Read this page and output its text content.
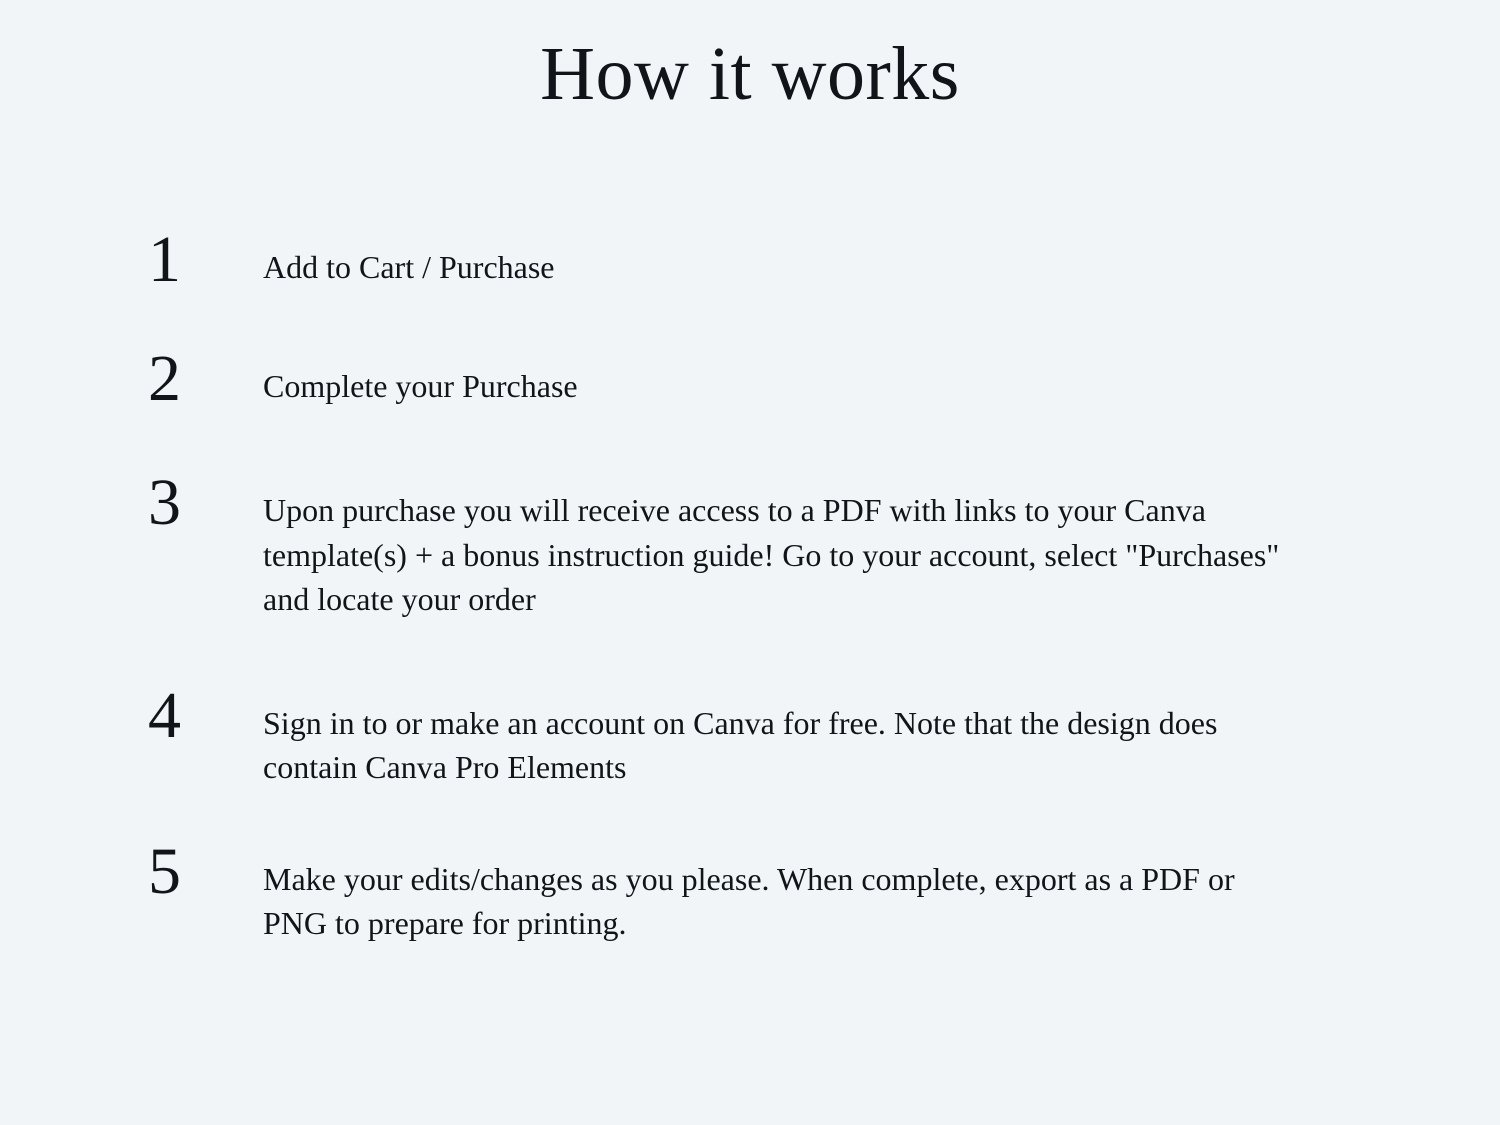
How it works
1	Add to Cart / Purchase
2	Complete your Purchase
3	Upon purchase you will receive access to a PDF with links to your Canva template(s) + a bonus instruction guide! Go to your account, select "Purchases" and locate your order
4	Sign in to or make an account on Canva for free. Note that the design does contain Canva Pro Elements
5	Make your edits/changes as you please. When complete, export as a PDF or PNG to prepare for printing.
